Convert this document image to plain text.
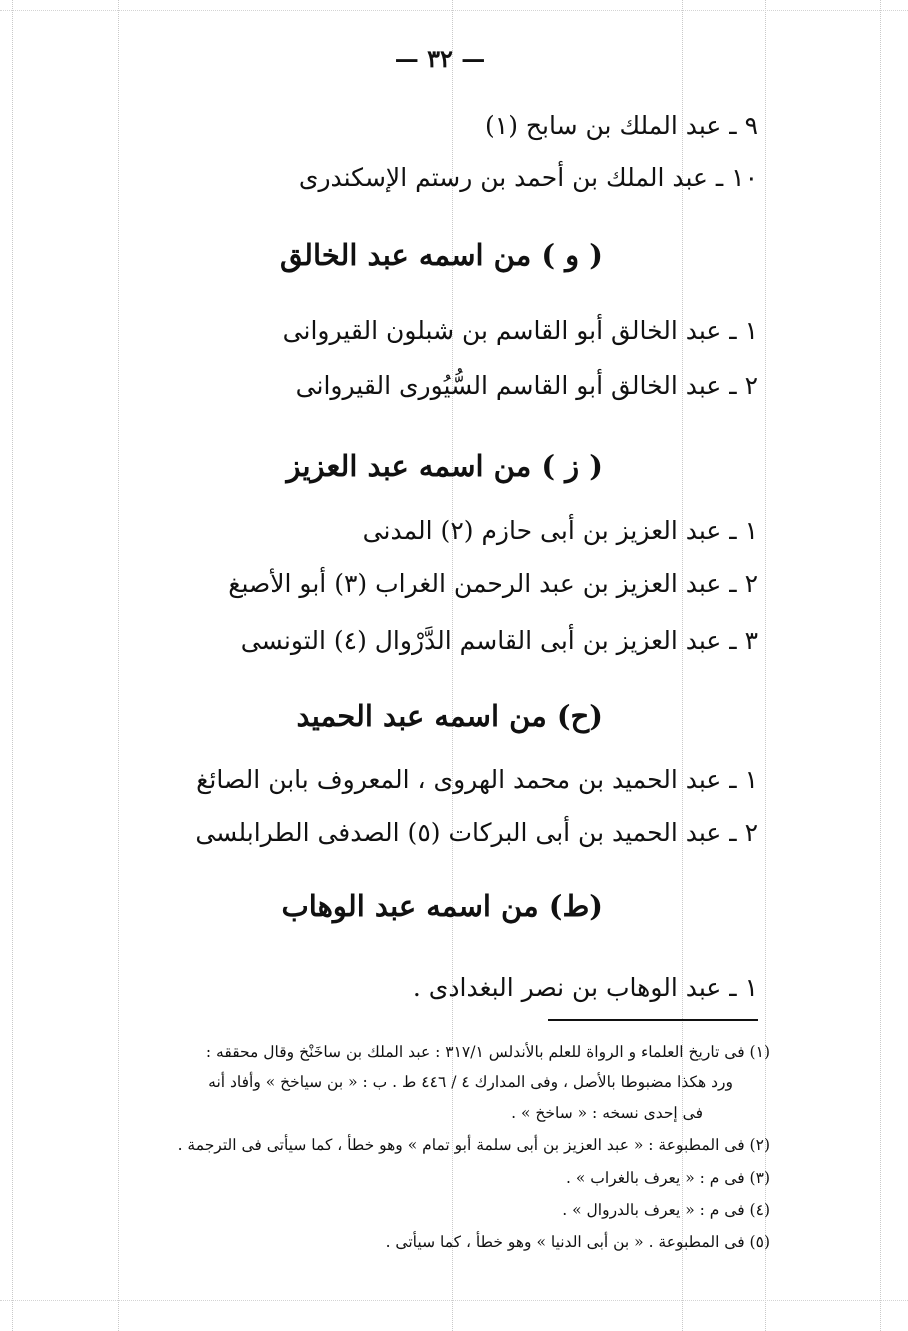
— ٣٢ —
٩ ـ عبد الملك بن سابح (١)
١٠ ـ عبد الملك بن أحمد بن رستم الإسكندرى
( و ) من اسمه عبد الخالق
١ ـ عبد الخالق أبو القاسم بن شبلون القيروانى
٢ ـ عبد الخالق أبو القاسم السُّيُورى القيروانى
( ز ) من اسمه عبد العزيز
١ ـ عبد العزيز بن أبى حازم (٢) المدنى
٢ ـ عبد العزيز بن عبد الرحمن الغراب (٣) أبو الأصبغ
٣ ـ عبد العزيز بن أبى القاسم الدَّرْوال (٤) التونسى
(ح) من اسمه عبد الحميد
١ ـ عبد الحميد بن محمد الهروى ، المعروف بابن الصائغ
٢ ـ عبد الحميد بن أبى البركات (٥) الصدفى الطرابلسى
(ط) من اسمه عبد الوهاب
١ ـ عبد الوهاب بن نصر البغدادى .
(١) فى تاريخ العلماء و الرواة للعلم بالأندلس ٣١٧/١ : عبد الملك بن ساخَنْخ وقال محققه :
ورد هكذا مضبوطا بالأصل ، وفى المدارك ٤ / ٤٤٦ ط . ب : « بن سياخخ » وأفاد أنه
فى إحدى نسخه : « ساخخ » .
(٢) فى المطبوعة : « عبد العزيز بن أبى سلمة أبو تمام » وهو خطأ ، كما سيأتى فى الترجمة .
(٣) فى م : « يعرف بالغراب » .
(٤) فى م : « يعرف بالدروال » .
(٥) فى المطبوعة . « بن أبى الدنيا » وهو خطأ ، كما سيأتى .
